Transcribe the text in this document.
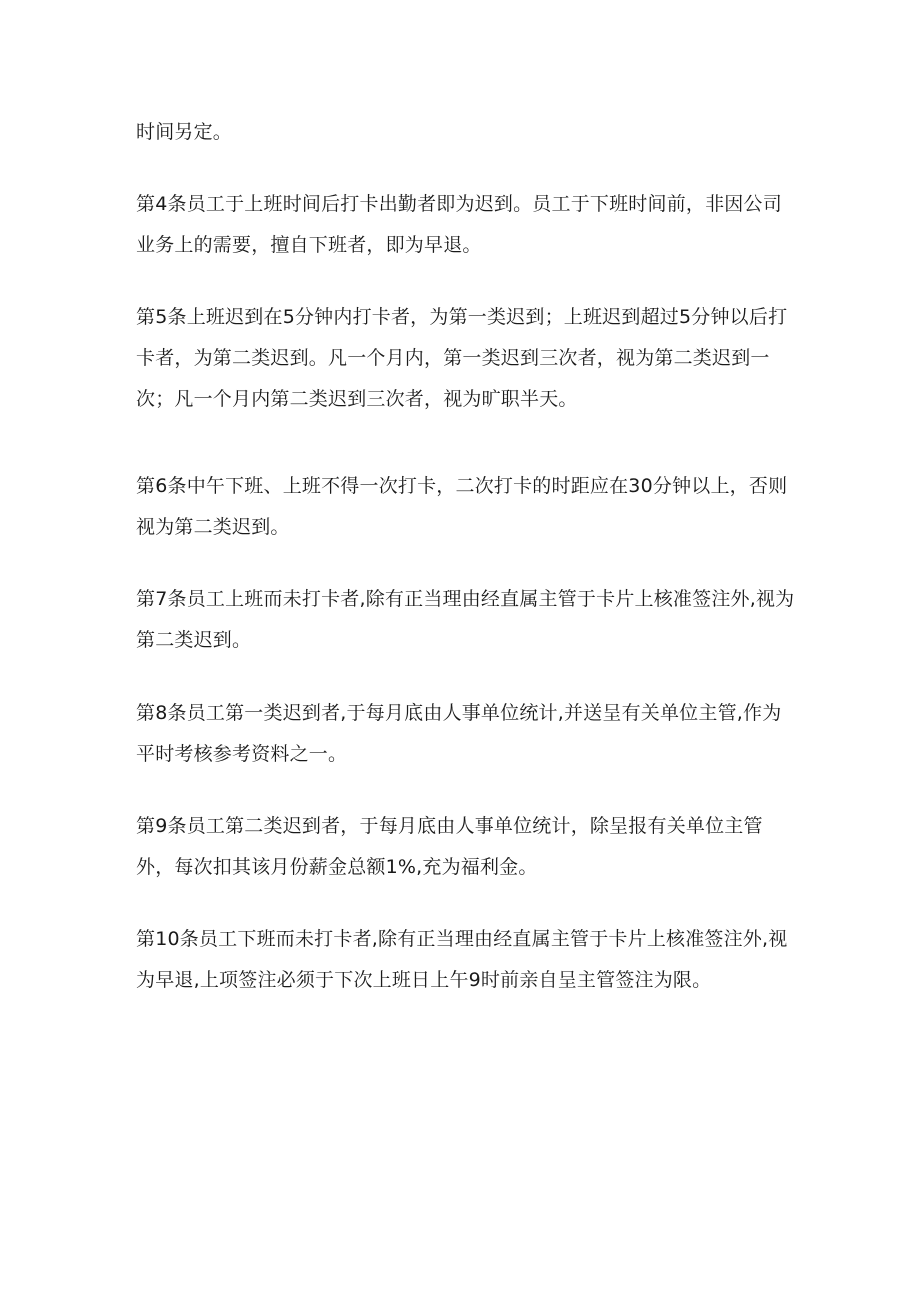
时间另定。

第4条员工于上班时间后打卡出勤者即为迟到。员工于下班时间前，非因公司业务上的需要，擅自下班者，即为早退。

第5条上班迟到在5分钟内打卡者，为第一类迟到；上班迟到超过5分钟以后打卡者，为第二类迟到。凡一个月内，第一类迟到三次者，视为第二类迟到一次；凡一个月内第二类迟到三次者，视为旷职半天。

第6条中午下班、上班不得一次打卡，二次打卡的时距应在30分钟以上，否则视为第二类迟到。

第7条员工上班而未打卡者,除有正当理由经直属主管于卡片上核准签注外,视为第二类迟到。

第8条员工第一类迟到者,于每月底由人事单位统计,并送呈有关单位主管,作为平时考核参考资料之一。

第9条员工第二类迟到者，于每月底由人事单位统计，除呈报有关单位主管外，每次扣其该月份薪金总额1%,充为福利金。

第10条员工下班而未打卡者,除有正当理由经直属主管于卡片上核准签注外,视为早退,上项签注必须于下次上班日上午9时前亲自呈主管签注为限。
